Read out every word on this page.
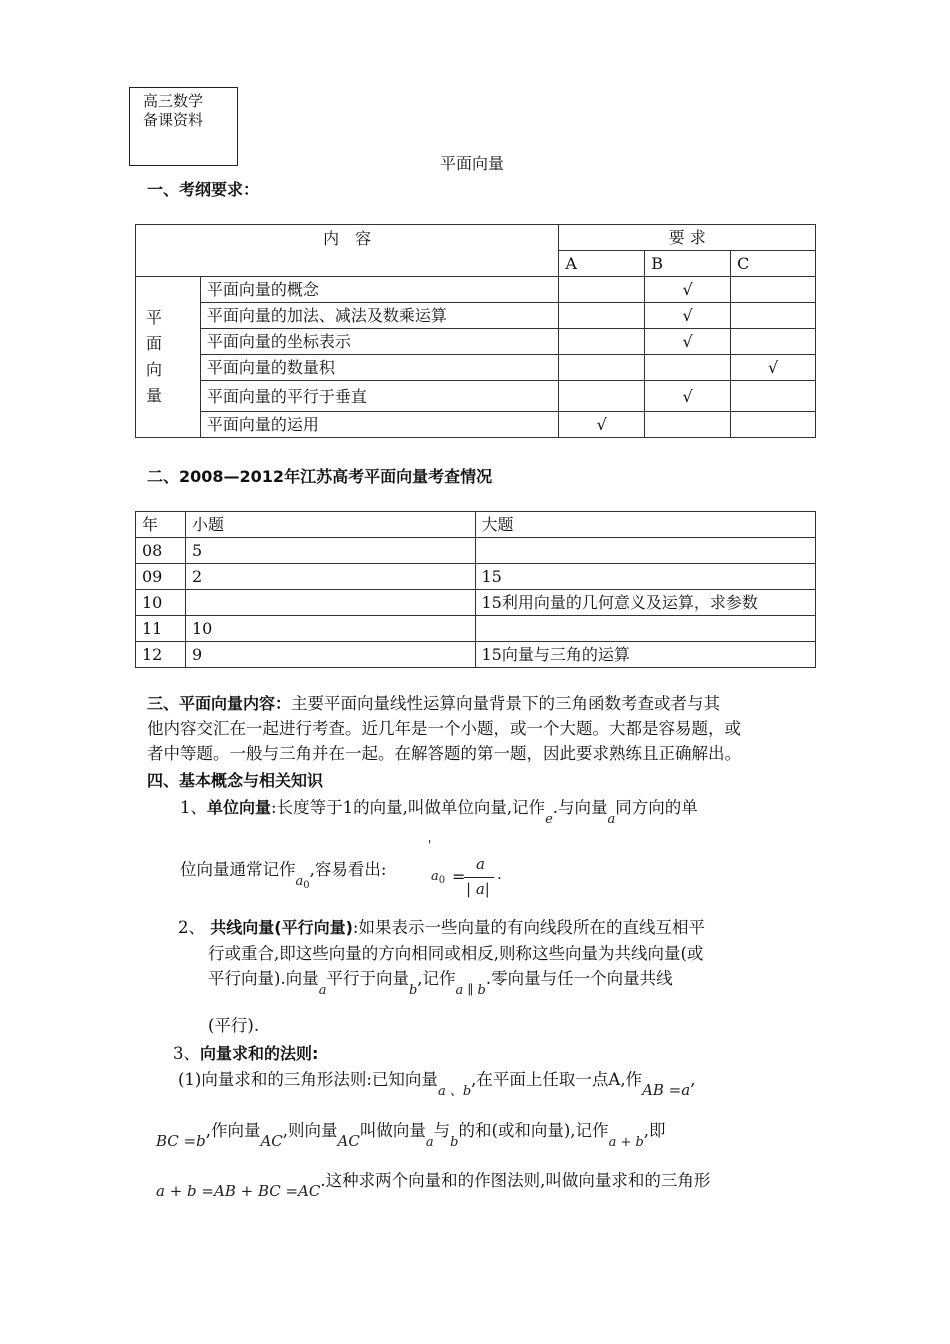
高三数学
备课资料
平面向量
一、考纲要求：
内　容		要 求		
		A	B	C

平
面
向
量	平面向量的概念		√	
	平面向量的加法、减法及数乘运算		√	
	平面向量的坐标表示		√	
	平面向量的数量积			√
	平面向量的平行于垂直		√	
	平面向量的运用	√		
二、2008—2012年江苏高考平面向量考查情况
年	小题	大题
08	5	
09	2	15
10		15利用向量的几何意义及运算，求参数
11	10	
12	9	15向量与三角的运算
三、平面向量内容：主要平面向量线性运算向量背景下的三角函数考查或者与其
他内容交汇在一起进行考查。近几年是一个小题，或一个大题。大都是容易题，或
者中等题。一般与三角并在一起。在解答题的第一题，因此要求熟练且正确解出。
四、基本概念与相关知识
1、单位向量:长度等于1的向量,叫做单位向量,记作$_e$.与向量$_a$同方向的单
位向量通常记作$_{a_0}$,容易看出:
'
$a_0$ =
a
| a|
.
2、 共线向量(平行向量):如果表示一些向量的有向线段所在的直线互相平
行或重合,即这些向量的方向相同或相反,则称这些向量为共线向量(或
平行向量).向量$_a$平行于向量$_b$,记作$_{a \parallel b}$.零向量与任一个向量共线
(平行).
3、向量求和的法则:
(1)向量求和的三角形法则:已知向量$_{a 、b}$,在平面上任取一点A,作AB =a,
BC =b,作向量AC,则向量AC叫做向量$_a$与$_b$的和(或和向量),记作$_{a + b}$,即
a + b =AB + BC =AC.这种求两个向量和的作图法则,叫做向量求和的三角形
